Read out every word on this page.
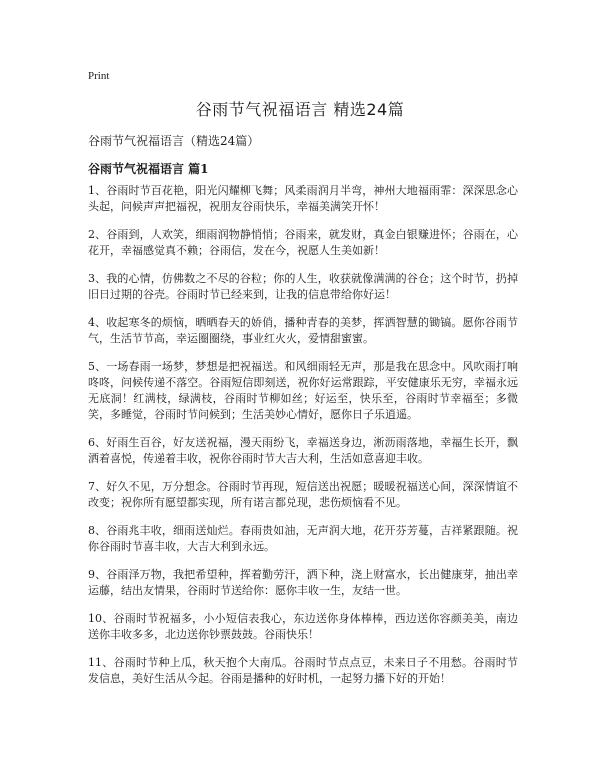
Print
谷雨节气祝福语言 精选24篇

谷雨节气祝福语言（精选24篇）

谷雨节气祝福语言 篇1
1、谷雨时节百花艳，阳光闪耀柳飞舞；风柔雨润月半弯，神州大地福雨霏：深深思念心头起，问候声声把福祝，祝朋友谷雨快乐，幸福美满笑开怀！
2、谷雨到，人欢笑，细雨润物静悄悄；谷雨来，就发财，真金白银赚进怀；谷雨在，心花开，幸福感觉真不赖；谷雨信，发在今，祝愿人生美如新！
3、我的心情，仿佛数之不尽的谷粒；你的人生，收获就像满满的谷仓；这个时节，扔掉旧日过期的谷壳。谷雨时节已经来到，让我的信息带给你好运！
4、收起寒冬的烦恼，晒晒春天的娇俏，播种青春的美梦，挥洒智慧的锄镐。愿你谷雨节气，生活节节高，幸运圈圈绕，事业红火火，爱情甜蜜蜜。
5、一场春雨一场梦，梦想是把祝福送。和风细雨轻无声，那是我在思念中。风吹雨打响咚咚，问候传递不落空。谷雨短信即刻送，祝你好运常跟踪，平安健康乐无穷，幸福永远无底洞！红满枝，绿满枝，谷雨时节柳如丝；好运至，快乐至，谷雨时节幸福至；多微笑，多睡觉，谷雨时节问候到；生活美妙心情好，愿你日子乐逍遥。
6、好雨生百谷，好友送祝福，漫天雨纷飞，幸福送身边，淅沥雨落地，幸福生长开，飘洒着喜悦，传递着丰收，祝你谷雨时节大吉大利，生活如意喜迎丰收。
7、好久不见，万分想念。谷雨时节再现，短信送出祝愿；暖暖祝福送心间，深深情谊不改变；祝你所有愿望都实现，所有诺言都兑现，悲伤烦恼看不见。
8、谷雨兆丰收，细雨送灿烂。春雨贵如油，无声润大地，花开芬芳蔓，吉祥紧跟随。祝你谷雨时节喜丰收，大吉大利到永远。
9、谷雨泽万物，我把希望种，挥着勤劳汗，洒下种，浇上财富水，长出健康芽，抽出幸运藤，结出友情果，谷雨时节送给你：愿你丰收一生，友结一世。
10、谷雨时节祝福多，小小短信表我心，东边送你身体棒棒，西边送你容颜美美，南边送你丰收多多，北边送你钞票鼓鼓。谷雨快乐！
11、谷雨时节种上瓜，秋天抱个大南瓜。谷雨时节点点豆，未来日子不用愁。谷雨时节发信息，美好生活从今起。谷雨是播种的好时机，一起努力播下好的开始！
